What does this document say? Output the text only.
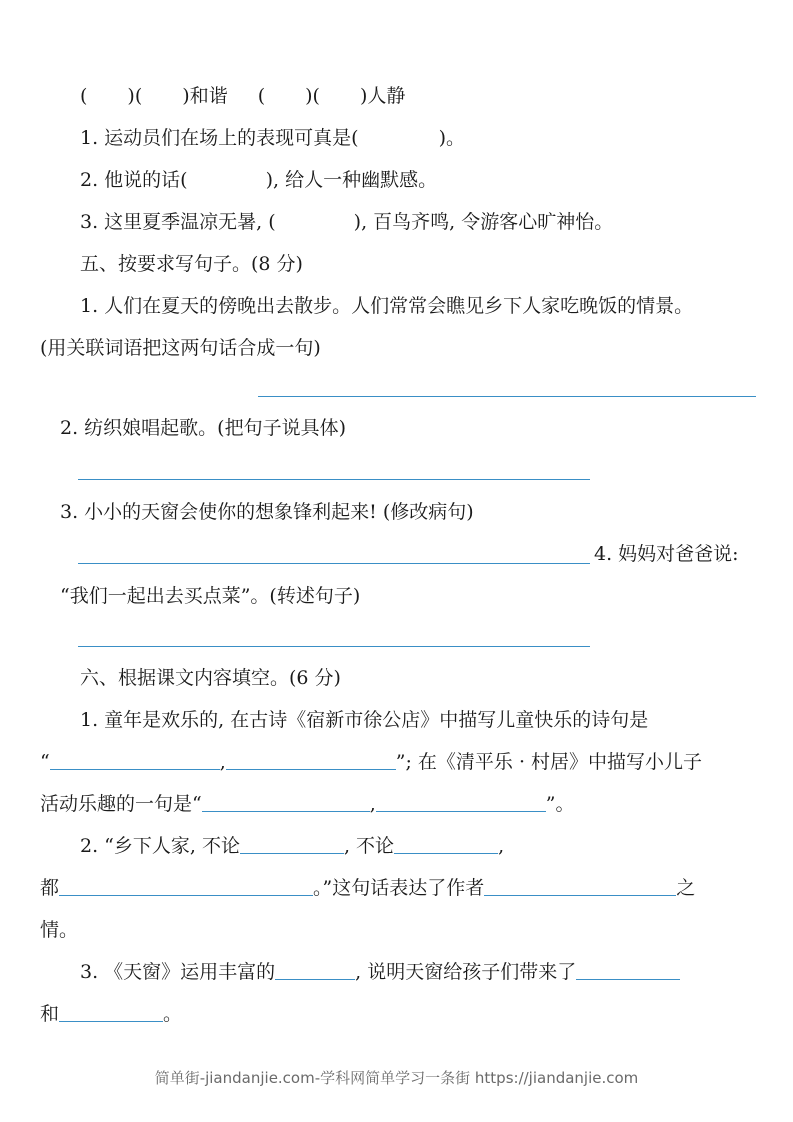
( )( )和谐 ( )( )人静
1. 运动员们在场上的表现可真是(	)。
2. 他说的话(	), 给人一种幽默感。
3. 这里夏季温凉无暑, (	), 百鸟齐鸣, 令游客心旷神怡。
五、按要求写句子。(8 分)
1. 人们在夏天的傍晚出去散步。人们常常会瞧见乡下人家吃晚饭的情景。
(用关联词语把这两句话合成一句)
2. 纺织娘唱起歌。(把句子说具体)
3. 小小的天窗会使你的想象锋利起来! (修改病句)
4. 妈妈对爸爸说:
“我们一起出去买点菜”。(转述句子)
六、根据课文内容填空。(6 分)
1. 童年是欢乐的, 在古诗《宿新市徐公店》中描写儿童快乐的诗句是
“	,	”; 在《清平乐 · 村居》中描写小儿子
活动乐趣的一句是“	,	”。
2. “乡下人家, 不论	, 不论	,
都	。”这句话表达了作者	之
情。
3. 《天窗》运用丰富的	, 说明天窗给孩子们带来了
和	。
简单街-jiandanjie.com-学科网简单学习一条街 https://jiandanjie.com
